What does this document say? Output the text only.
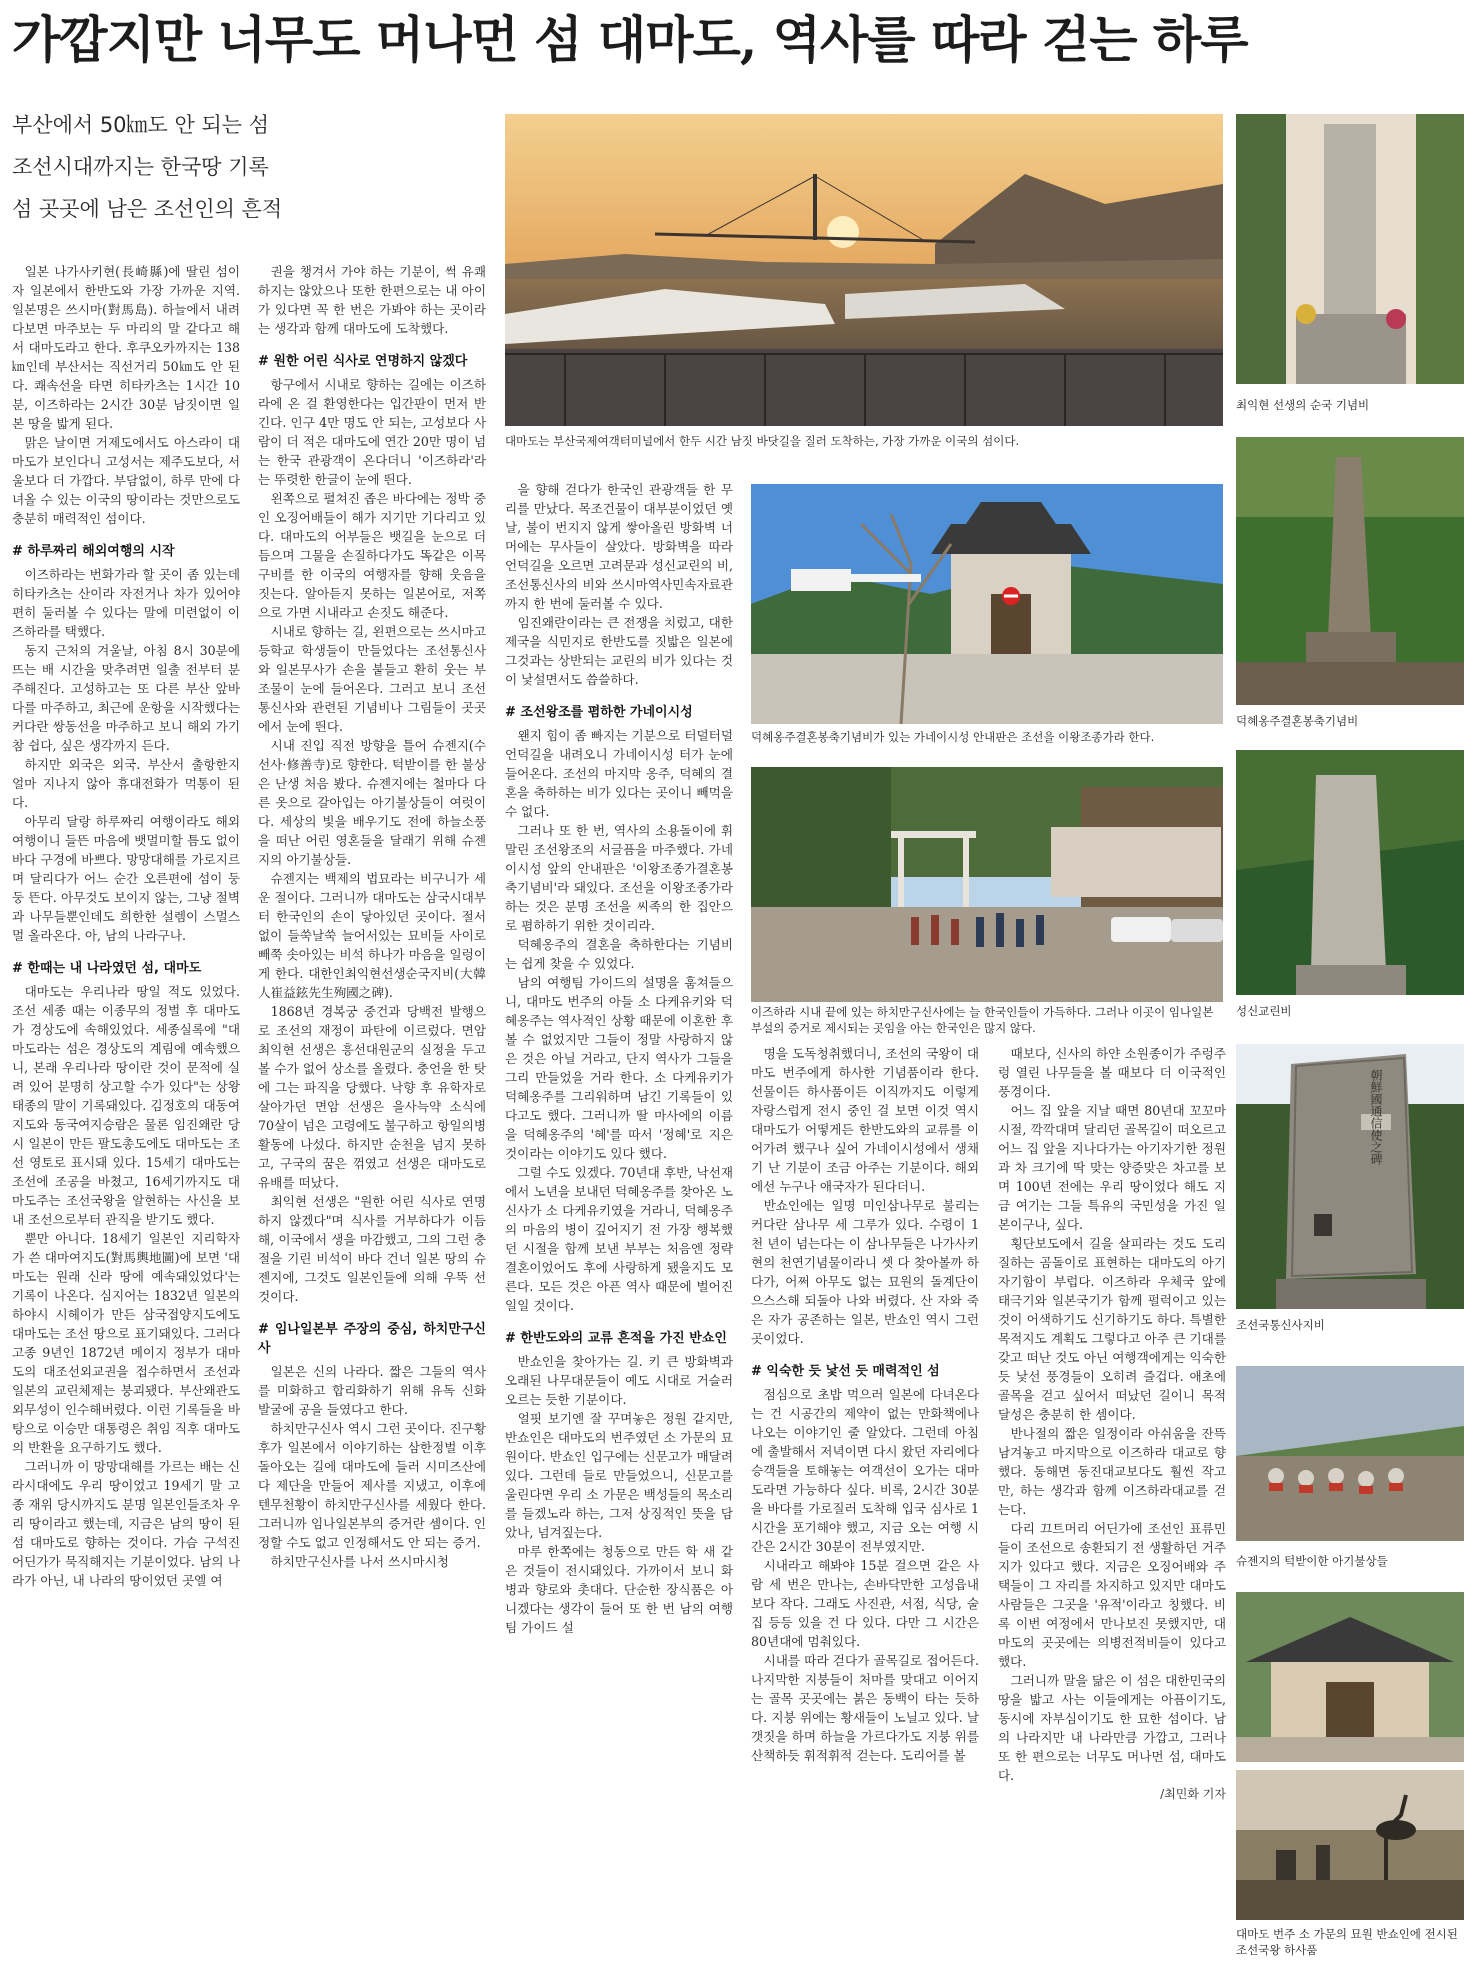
가깝지만 너무도 머나먼 섬 대마도, 역사를 따라 걷는 하루

부산에서 50㎞도 안 되는 섬

조선시대까지는 한국땅 기록

섬 곳곳에 남은 조선인의 흔적

일본 나가사키현(長崎縣)에 딸린 섬이자 일본에서 한반도와 가장 가까운 지역. 일본명은 쓰시마(對馬島). 하늘에서 내려다보면 마주보는 두 마리의 말 같다고 해서 대마도라고 한다. 후쿠오카까지는 138㎞인데 부산서는 직선거리 50㎞도 안 된다. 쾌속선을 타면 히타카츠는 1시간 10분, 이즈하라는 2시간 30분 남짓이면 일본 땅을 밟게 된다.

맑은 날이면 거제도에서도 아스라이 대마도가 보인다니 고성서는 제주도보다, 서울보다 더 가깝다. 부담없이, 하루 만에 다녀올 수 있는 이국의 땅이라는 것만으로도 충분히 매력적인 섬이다.

# 하루짜리 해외여행의 시작

이즈하라는 번화가라 할 곳이 좀 있는데 히타카츠는 산이라 자전거나 차가 있어야 편히 둘러볼 수 있다는 말에 미련없이 이즈하라를 택했다.

동지 근처의 겨울날, 아침 8시 30분에 뜨는 배 시간을 맞추려면 일출 전부터 분주해진다. 고성하고는 또 다른 부산 앞바다를 마주하고, 최근에 운항을 시작했다는 커다란 쌍동선을 마주하고 보니 해외 가기 참 쉽다, 싶은 생각까지 든다.

하지만 외국은 외국. 부산서 출항한지 얼마 지나지 않아 휴대전화가 먹통이 된다.

아무리 달랑 하루짜리 여행이라도 해외여행이니 들뜬 마음에 뱃멀미할 틈도 없이 바다 구경에 바쁘다. 망망대해를 가로지르며 달리다가 어느 순간 오른편에 섬이 둥둥 뜬다. 아무것도 보이지 않는, 그냥 절벽과 나무들뿐인데도 희한한 설렘이 스멀스멀 올라온다. 아, 남의 나라구나.

# 한때는 내 나라였던 섬, 대마도

대마도는 우리나라 땅일 적도 있었다. 조선 세종 때는 이종무의 정벌 후 대마도가 경상도에 속해있었다. 세종실록에 "대마도라는 섬은 경상도의 계림에 예속했으니, 본래 우리나라 땅이란 것이 문적에 실려 있어 분명히 상고할 수가 있다"는 상왕 태종의 말이 기록돼있다. 김정호의 대동여지도와 동국여지승람은 물론 임진왜란 당시 일본이 만든 팔도총도에도 대마도는 조선 영토로 표시돼 있다. 15세기 대마도는 조선에 조공을 바쳤고, 16세기까지도 대마도주는 조선국왕을 알현하는 사신을 보내 조선으로부터 관직을 받기도 했다.

뿐만 아니다. 18세기 일본인 지리학자가 쓴 대마여지도(對馬輿地圖)에 보면 '대마도는 원래 신라 땅에 예속돼있었다'는 기록이 나온다. 심지어는 1832년 일본의 하야시 시헤이가 만든 삼국접양지도에도 대마도는 조선 땅으로 표기돼있다. 그러다 고종 9년인 1872년 메이지 정부가 대마도의 대조선외교권을 접수하면서 조선과 일본의 교린체제는 붕괴됐다. 부산왜관도 외무성이 인수해버렸다. 이런 기록들을 바탕으로 이승만 대통령은 취임 직후 대마도의 반환을 요구하기도 했다.

그러니까 이 망망대해를 가르는 배는 신라시대에도 우리 땅이었고 19세기 말 고종 재위 당시까지도 분명 일본인들조차 우리 땅이라고 했는데, 지금은 남의 땅이 된 섬 대마도로 향하는 것이다. 가슴 구석진 어딘가가 묵직해지는 기분이었다. 남의 나라가 아닌, 내 나라의 땅이었던 곳엘 여

권을 챙겨서 가야 하는 기분이, 썩 유쾌하지는 않았으나 또한 한편으로는 내 아이가 있다면 꼭 한 번은 가봐야 하는 곳이라는 생각과 함께 대마도에 도착했다.

# 원한 어린 식사로 연명하지 않겠다

항구에서 시내로 향하는 길에는 이즈하라에 온 걸 환영한다는 입간판이 먼저 반긴다. 인구 4만 명도 안 되는, 고성보다 사람이 더 적은 대마도에 연간 20만 명이 넘는 한국 관광객이 온다더니 '이즈하라'라는 뚜렷한 한글이 눈에 띈다.

왼쪽으로 펼쳐진 좁은 바다에는 정박 중인 오징어배들이 해가 지기만 기다리고 있다. 대마도의 어부들은 뱃길을 눈으로 더듬으며 그물을 손질하다가도 똑같은 이목구비를 한 이국의 여행자를 향해 웃음을 짓는다. 알아듣지 못하는 일본어로, 저쪽으로 가면 시내라고 손짓도 해준다.

시내로 향하는 길, 왼편으로는 쓰시마고등학교 학생들이 만들었다는 조선통신사와 일본무사가 손을 붙들고 환히 웃는 부조물이 눈에 들어온다. 그러고 보니 조선통신사와 관련된 기념비나 그림들이 곳곳에서 눈에 띈다.

시내 진입 직전 방향을 틀어 슈젠지(수선사·修善寺)로 향한다. 턱받이를 한 불상은 난생 처음 봤다. 슈젠지에는 철마다 다른 옷으로 갈아입는 아기불상들이 여럿이다. 세상의 빛을 배우기도 전에 하늘소풍을 떠난 어린 영혼들을 달래기 위해 슈젠지의 아기불상들.

슈젠지는 백제의 법묘라는 비구니가 세운 절이다. 그러니까 대마도는 삼국시대부터 한국인의 손이 닿아있던 곳이다. 절서 없이 들쑥날쑥 늘어서있는 묘비들 사이로 빼쭉 솟아있는 비석 하나가 마음을 일렁이게 한다. 대한인최익현선생순국지비(大韓人崔益鉉先生殉國之碑).

1868년 경복궁 중건과 당백전 발행으로 조선의 재정이 파탄에 이르렀다. 면암 최익현 선생은 흥선대원군의 실정을 두고 볼 수가 없어 상소를 올렸다. 충언을 한 탓에 그는 파직을 당했다. 낙향 후 유학자로 살아가던 면암 선생은 을사늑약 소식에 70살이 넘은 고령에도 불구하고 항일의병활동에 나섰다. 하지만 순천을 넘지 못하고, 구국의 꿈은 꺾였고 선생은 대마도로 유배를 떠났다.

최익현 선생은 "원한 어린 식사로 연명하지 않겠다"며 식사를 거부하다가 이듬해, 이국에서 생을 마감했고, 그의 그런 충절을 기린 비석이 바다 건너 일본 땅의 슈젠지에, 그것도 일본인들에 의해 우뚝 선 것이다.

# 임나일본부 주장의 중심, 하치만구신사

일본은 신의 나라다. 짧은 그들의 역사를 미화하고 합리화하기 위해 유독 신화 발굴에 공을 들였다고 한다.

하치만구신사 역시 그런 곳이다. 진구황후가 일본에서 이야기하는 삼한정벌 이후 돌아오는 길에 대마도에 들러 시미즈산에다 제단을 만들어 제사를 지냈고, 이후에 텐무천황이 하치만구신사를 세웠다 한다. 그러니까 임나일본부의 증거란 셈이다. 인정할 수도 없고 인정해서도 안 되는 증거.

하치만구신사를 나서 쓰시마시청

을 향해 걷다가 한국인 관광객들 한 무리를 만났다. 목조건물이 대부분이었던 옛날, 불이 번지지 않게 쌓아올린 방화벽 너머에는 무사들이 살았다. 방화벽을 따라 언덕길을 오르면 고려문과 성신교린의 비, 조선통신사의 비와 쓰시마역사민속자료관까지 한 번에 둘러볼 수 있다.

임진왜란이라는 큰 전쟁을 치렀고, 대한제국을 식민지로 한반도를 짓밟은 일본에 그것과는 상반되는 교린의 비가 있다는 것이 낯설면서도 씁쓸하다.

# 조선왕조를 폄하한 가네이시성

왠지 힘이 좀 빠지는 기분으로 터덜터덜 언덕길을 내려오니 가네이시성 터가 눈에 들어온다. 조선의 마지막 옹주, 덕혜의 결혼을 축하하는 비가 있다는 곳이니 빼먹을 수 없다.

그러나 또 한 번, 역사의 소용돌이에 휘말린 조선왕조의 서글픔을 마주했다. 가네이시성 앞의 안내판은 '이왕조종가결혼봉축기념비'라 돼있다. 조선을 이왕조종가라 하는 것은 분명 조선을 씨족의 한 집안으로 폄하하기 위한 것이리라.

덕혜옹주의 결혼을 축하한다는 기념비는 쉽게 찾을 수 있었다.

남의 여행팀 가이드의 설명을 훔쳐들으니, 대마도 번주의 아들 소 다케유키와 덕혜옹주는 역사적인 상황 때문에 이혼한 후 볼 수 없었지만 그들이 정말 사랑하지 않은 것은 아닐 거라고, 단지 역사가 그들을 그리 만들었을 거라 한다. 소 다케유키가 덕혜옹주를 그리워하며 남긴 기록들이 있다고도 했다. 그러니까 딸 마사에의 이름을 덕혜옹주의 '혜'를 따서 '정혜'로 지은 것이라는 이야기도 있다 했다.

그럴 수도 있겠다. 70년대 후반, 낙선재에서 노년을 보내던 덕혜옹주를 찾아온 노신사가 소 다케유키였을 거라니, 덕혜옹주의 마음의 병이 깊어지기 전 가장 행복했던 시절을 함께 보낸 부부는 처음엔 정략결혼이었어도 후에 사랑하게 됐을지도 모른다. 모든 것은 아픈 역사 때문에 벌어진 일일 것이다.

# 한반도와의 교류 흔적을 가진 반쇼인

반쇼인을 찾아가는 길. 키 큰 방화벽과 오래된 나무대문들이 예도 시대로 거슬러 오르는 듯한 기분이다.

얼핏 보기엔 잘 꾸며놓은 정원 같지만, 반쇼인은 대마도의 번주였던 소 가문의 묘원이다. 반쇼인 입구에는 신문고가 매달려있다. 그런데 들로 만들었으니, 신문고를 울린다면 우리 소 가문은 백성들의 목소리를 들겠노라 하는, 그저 상징적인 뜻을 담았나, 넘겨짚는다.

마루 한쪽에는 청동으로 만든 학 새 같은 것들이 전시돼있다. 가까이서 보니 화병과 향로와 촛대다. 단순한 장식품은 아니겠다는 생각이 들어 또 한 번 남의 여행팀 가이드 설

명을 도독청취했더니, 조선의 국왕이 대마도 번주에게 하사한 기념품이라 한다. 선물이든 하사품이든 이직까지도 이렇게 자랑스럽게 전시 중인 걸 보면 이것 역시 대마도가 어떻게든 한반도와의 교류를 이어가려 했구나 싶어 가네이시성에서 생채기 난 기분이 조금 아주는 기분이다. 해외에선 누구나 애국자가 된다더니.

반쇼인에는 일명 미인삼나무로 불리는 커다란 삼나무 세 그루가 있다. 수령이 1천 년이 넘는다는 이 삼나무들은 나가사키 현의 천연기념물이라니 셋 다 찾아볼까 하다가, 어쩌 아무도 없는 묘원의 돌계단이 으스스해 되돌아 나와 버렸다. 산 자와 죽은 자가 공존하는 일본, 반쇼인 역시 그런 곳이었다.

# 익숙한 듯 낯선 듯 매력적인 섬

점심으로 초밥 먹으러 일본에 다녀온다는 건 시공간의 제약이 없는 만화책에나 나오는 이야기인 줄 알았다. 그런데 아침에 출발해서 저녁이면 다시 왔던 자리에다 승객들을 토해놓는 여객선이 오가는 대마도라면 가능하다 싶다. 비록, 2시간 30분을 바다를 가로질러 도착해 입국 심사로 1시간을 포기해야 했고, 지금 오는 여행 시간은 2시간 30분이 전부였지만.

시내라고 해봐야 15분 걸으면 같은 사람 세 번은 만나는, 손바닥만한 고성읍내보다 작다. 그래도 사진관, 서점, 식당, 술집 등등 있을 건 다 있다. 다만 그 시간은 80년대에 멈춰있다.

시내를 따라 걷다가 골목길로 접어든다. 나지막한 지붕들이 처마를 맞대고 이어지는 골목 곳곳에는 붉은 동백이 타는 듯하다. 지붕 위에는 황새들이 노닐고 있다. 날갯짓을 하며 하늘을 가르다가도 지붕 위를 산책하듯 휘적휘적 걷는다. 도리어를 볼

때보다, 신사의 하얀 소원종이가 주렁주렁 열린 나무들을 볼 때보다 더 이국적인 풍경이다.

어느 집 앞을 지날 때면 80년대 꼬꼬마시절, 깍깍대며 달리던 골목길이 떠오르고 어느 집 앞을 지나다가는 아기자기한 정원과 차 크기에 딱 맞는 양증맞은 차고를 보며 100년 전에는 우리 땅이었다 해도 지금 여기는 그들 특유의 국민성을 가진 일본이구나, 싶다.

횡단보도에서 길을 살피라는 것도 도리질하는 곰돌이로 표현하는 대마도의 아기자기함이 부럽다. 이즈하라 우체국 앞에 태극기와 일본국기가 함께 펄럭이고 있는 것이 어색하기도 신기하기도 하다. 특별한 목적지도 계획도 그렇다고 아주 큰 기대를 갖고 떠난 것도 아닌 여행객에게는 익숙한 듯 낯선 풍경들이 오히려 즐겁다. 애초에 골목을 걷고 싶어서 떠났던 길이니 목적 달성은 충분히 한 셈이다.

반나절의 짧은 일정이라 아쉬움을 잔뜩 남겨놓고 마지막으로 이즈하라 대교로 향했다. 동해면 동진대교보다도 훨씬 작고만, 하는 생각과 함께 이즈하라대교를 걷는다.

다리 끄트머리 어딘가에 조선인 표류민들이 조선으로 송환되기 전 생활하던 거주지가 있다고 했다. 지금은 오징어배와 주택들이 그 자리를 차지하고 있지만 대마도 사람들은 그곳을 '유적'이라고 칭했다. 비록 이번 여정에서 만나보진 못했지만, 대마도의 곳곳에는 의병전적비들이 있다고 했다.

그러니까 말을 닮은 이 섬은 대한민국의 땅을 밟고 사는 이들에게는 아픔이기도, 동시에 자부심이기도 한 묘한 섬이다. 남의 나라지만 내 나라만큼 가깝고, 그러나 또 한 편으로는 너무도 머나먼 섬, 대마도다.

/최민화 기자

대마도는 부산국제여객터미널에서 한두 시간 남짓 바닷길을 질러 도착하는, 가장 가까운 이국의 섬이다.
덕혜옹주결혼봉축기념비가 있는 가네이시성 안내판은 조선을 이왕조종가라 한다.
이즈하라 시내 끝에 있는 하치만구신사에는 늘 한국인들이 가득하다. 그러나 이곳이 임나일본부설의 증거로 제시되는 곳임을 아는 한국인은 많지 않다.
최익현 선생의 순국 기념비
덕혜옹주결혼봉축기념비
성신교린비
朝鮮國通信使之碑
조선국통신사지비
슈젠지의 턱받이한 아기불상들
대마도 번주 소 가문의 묘원 반쇼인에 전시된 조선국왕 하사품
